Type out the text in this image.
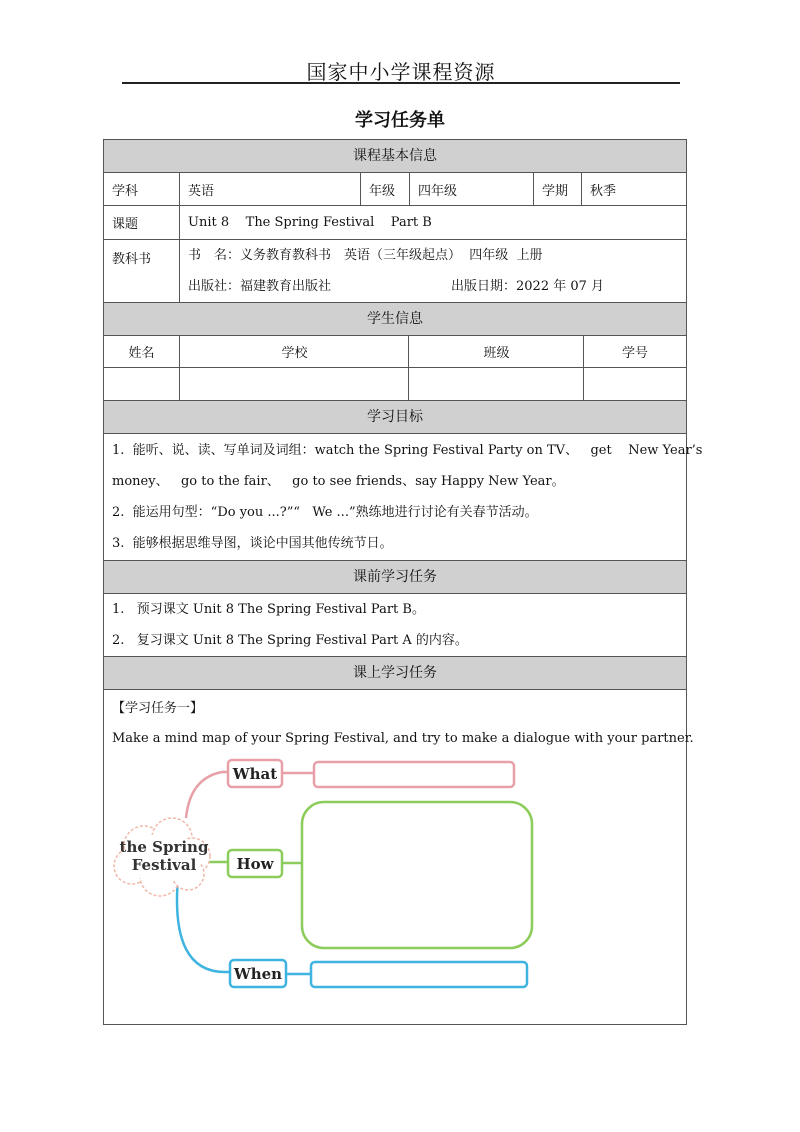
国家中小学课程资源
学习任务单
课程基本信息
学科	英语	年级	四年级	学期	秋季
课题	Unit 8    The Spring Festival    Part B
教科书	书　名：义务教育教科书　英语（三年级起点）  四年级  上册
出版社：福建教育出版社	出版日期：2022 年 07 月
学生信息
姓名	学校	班级	学号
学习目标
1.  能听、说、读、写单词及词组：watch the Spring Festival Party on TV、   get    New Year’s
money、   go to the fair、   go to see friends、say Happy New Year。
2.  能运用句型：“Do you ...?”“   We ...”熟练地进行讨论有关春节活动。
3.  能够根据思维导图，谈论中国其他传统节日。
课前学习任务
1.   预习课文 Unit 8 The Spring Festival Part B。
2.   复习课文 Unit 8 The Spring Festival Part A 的内容。
课上学习任务
【学习任务一】
Make a mind map of your Spring Festival, and try to make a dialogue with your partner.
the Spring
Festival
What
How
When
